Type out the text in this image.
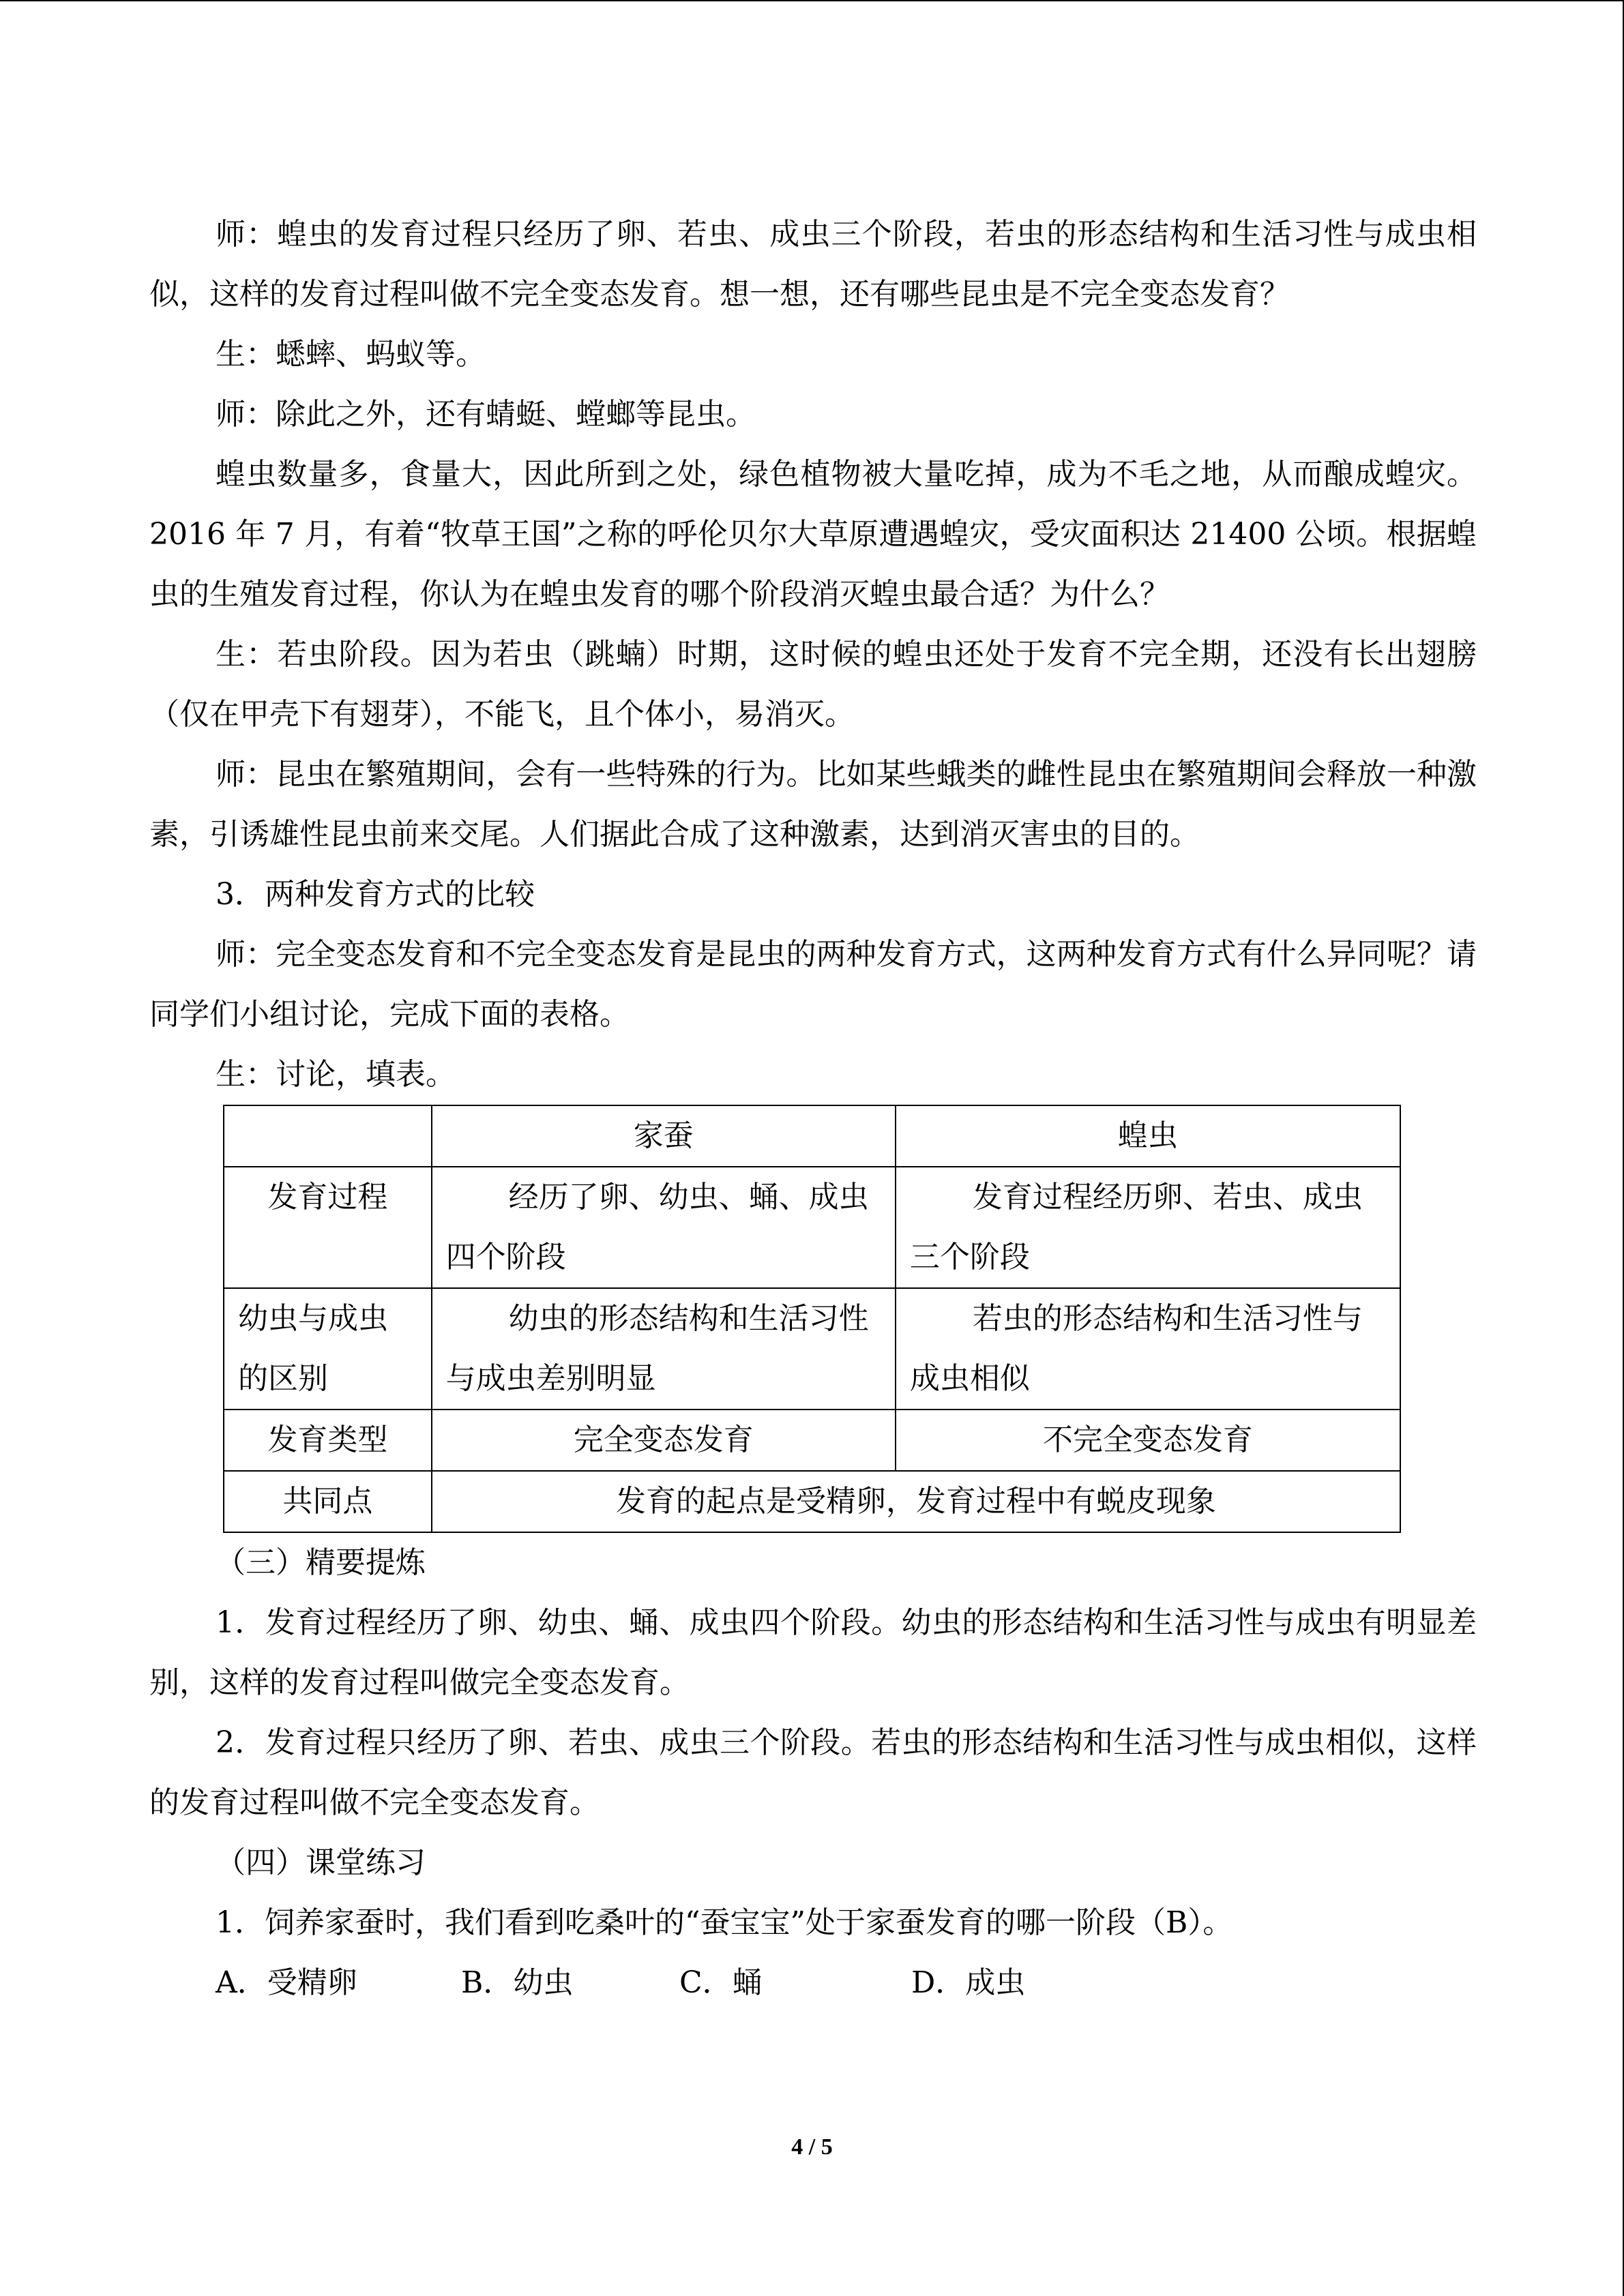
师：蝗虫的发育过程只经历了卵、若虫、成虫三个阶段，若虫的形态结构和生活习性与成虫相似，这样的发育过程叫做不完全变态发育。想一想，还有哪些昆虫是不完全变态发育？

生：蟋蟀、蚂蚁等。

师：除此之外，还有蜻蜓、螳螂等昆虫。

蝗虫数量多，食量大，因此所到之处，绿色植物被大量吃掉，成为不毛之地，从而酿成蝗灾。2016 年 7 月，有着“牧草王国”之称的呼伦贝尔大草原遭遇蝗灾，受灾面积达 21400 公顷。根据蝗虫的生殖发育过程，你认为在蝗虫发育的哪个阶段消灭蝗虫最合适？为什么？

生：若虫阶段。因为若虫（跳蝻）时期，这时候的蝗虫还处于发育不完全期，还没有长出翅膀（仅在甲壳下有翅芽），不能飞，且个体小，易消灭。

师：昆虫在繁殖期间，会有一些特殊的行为。比如某些蛾类的雌性昆虫在繁殖期间会释放一种激素，引诱雄性昆虫前来交尾。人们据此合成了这种激素，达到消灭害虫的目的。

3．两种发育方式的比较

师：完全变态发育和不完全变态发育是昆虫的两种发育方式，这两种发育方式有什么异同呢？请同学们小组讨论，完成下面的表格。

生：讨论，填表。

	家蚕	蝗虫
发育过程	经历了卵、幼虫、蛹、成虫四个阶段	发育过程经历卵、若虫、成虫三个阶段
幼虫与成虫的区别	幼虫的形态结构和生活习性与成虫差别明显	若虫的形态结构和生活习性与成虫相似
发育类型	完全变态发育	不完全变态发育
共同点	发育的起点是受精卵，发育过程中有蜕皮现象	

（三）精要提炼

1．发育过程经历了卵、幼虫、蛹、成虫四个阶段。幼虫的形态结构和生活习性与成虫有明显差别，这样的发育过程叫做完全变态发育。

2．发育过程只经历了卵、若虫、成虫三个阶段。若虫的形态结构和生活习性与成虫相似，这样的发育过程叫做不完全变态发育。

（四）课堂练习

1．饲养家蚕时，我们看到吃桑叶的“蚕宝宝”处于家蚕发育的哪一阶段（B）。

A．受精卵	B．幼虫	C．蛹	D．成虫
4 / 5
